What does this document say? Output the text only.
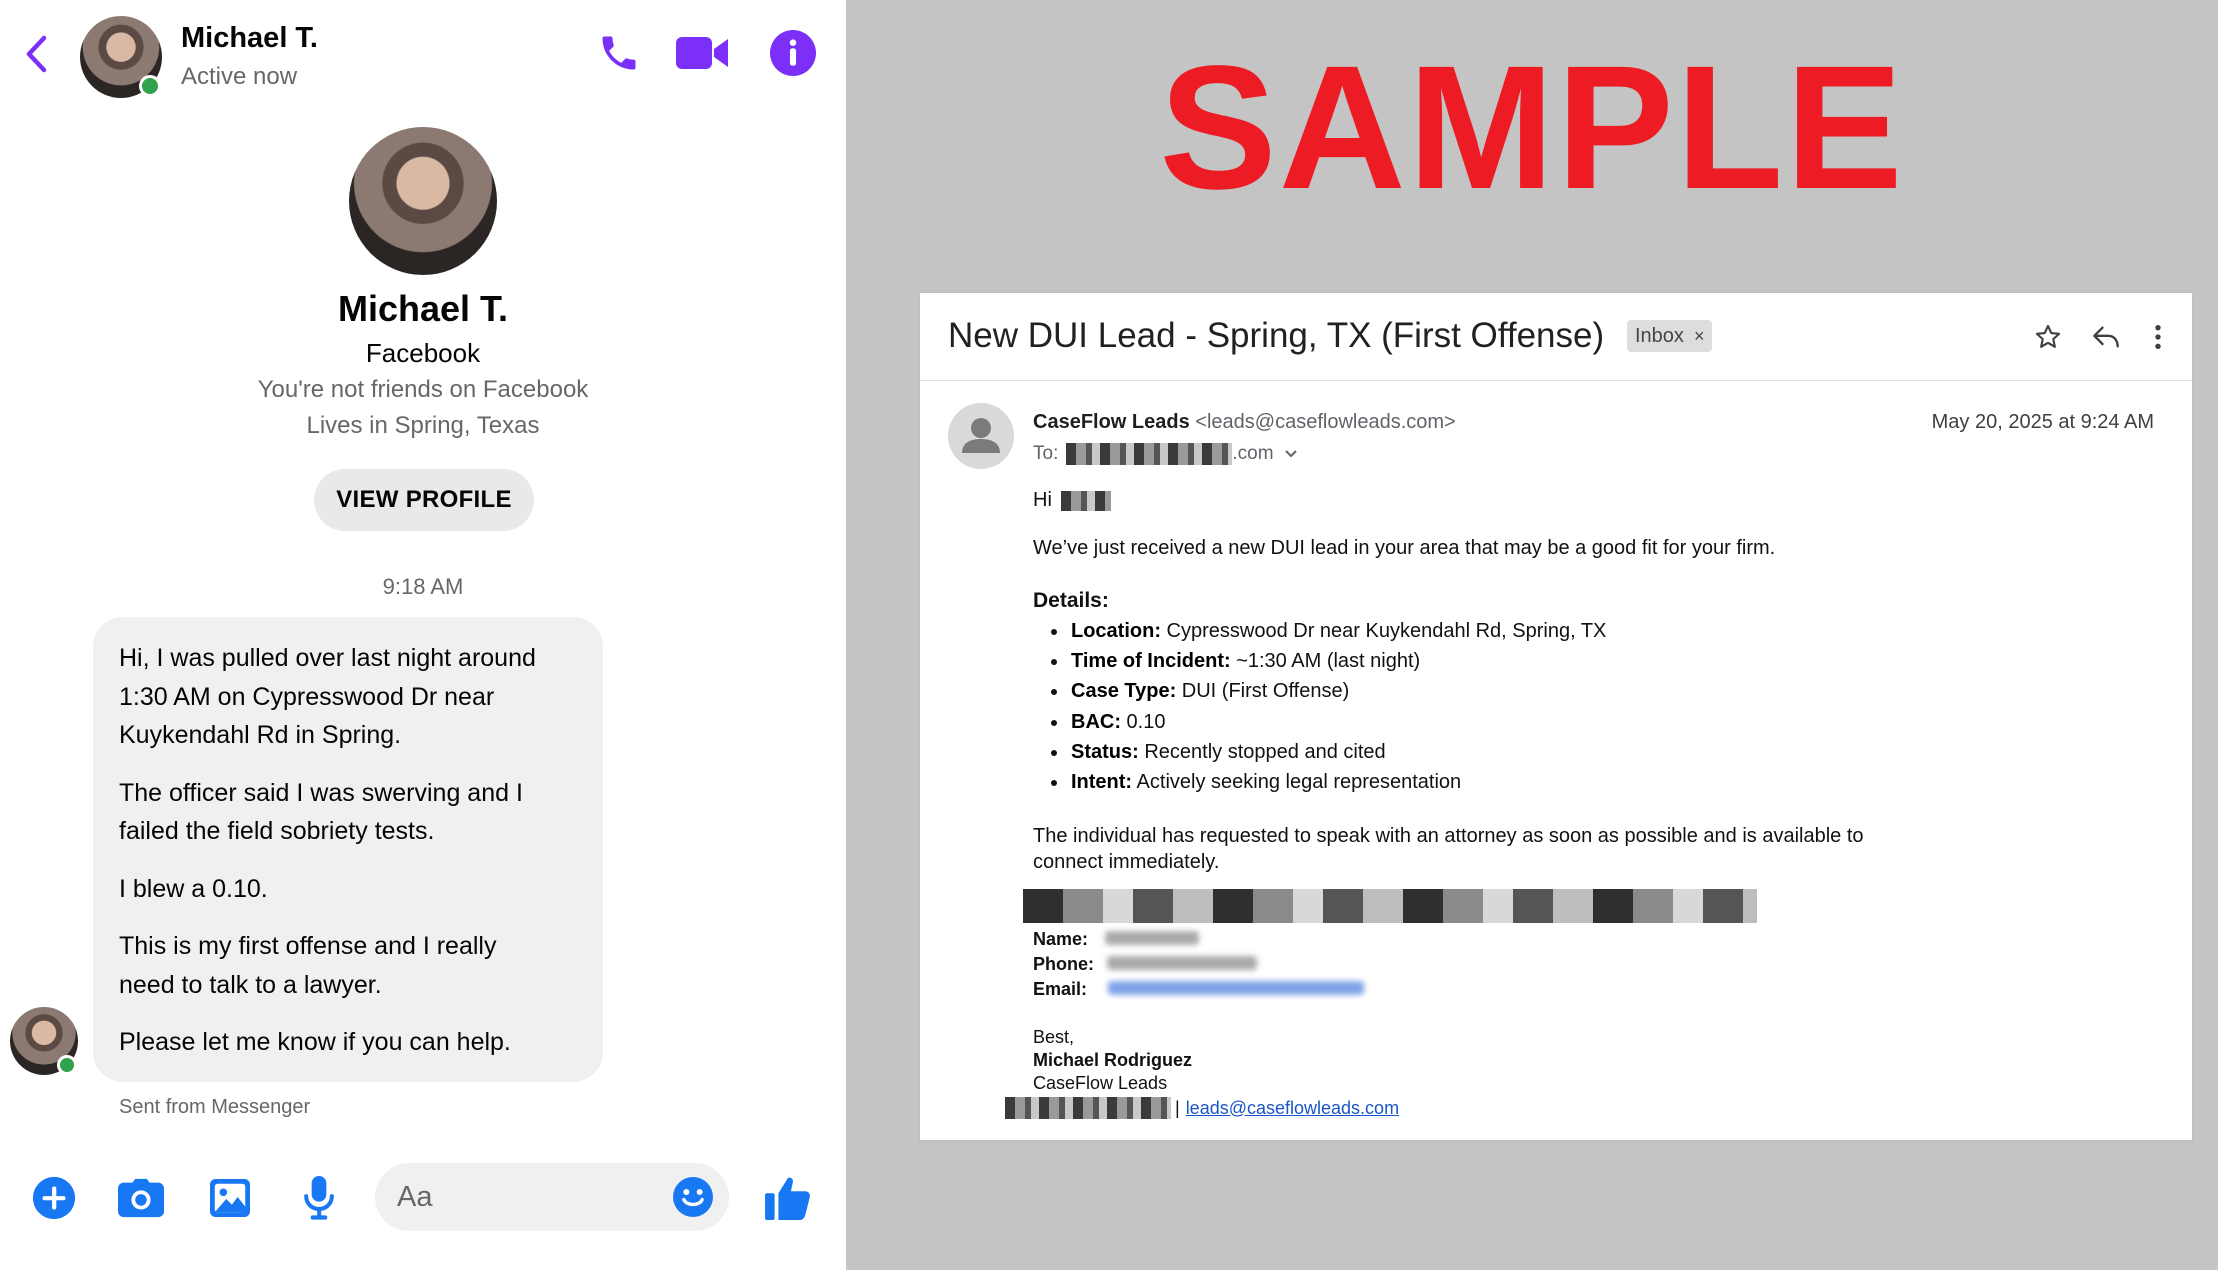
Michael T.
Active now
Michael T.
Facebook
You're not friends on Facebook
Lives in Spring, Texas
VIEW PROFILE
9:18 AM

Hi, I was pulled over last night around 1:30 AM on Cypresswood Dr near Kuykendahl Rd in Spring.

The officer said I was swerving and I failed the field sobriety tests.

I blew a 0.10.

This is my first offense and I really need to talk to a lawyer.

Please let me know if you can help.

Sent from Messenger
Aa
SAMPLE
New DUI Lead - Spring, TX (First Offense) Inbox ×
CaseFlow Leads <leads@caseflowleads.com>	May 20, 2025 at 9:24 AM
To:	.com
Hi
We’ve just received a new DUI lead in your area that may be a good fit for your firm.
Details:
• Location: Cypresswood Dr near Kuykendahl Rd, Spring, TX
• Time of Incident: ~1:30 AM (last night)
• Case Type: DUI (First Offense)
• BAC: 0.10
• Status: Recently stopped and cited
• Intent: Actively seeking legal representation
The individual has requested to speak with an attorney as soon as possible and is available to
connect immediately.
Name:
Phone:
Email:
Best,
Michael Rodriguez
CaseFlow Leads
| leads@caseflowleads.com
